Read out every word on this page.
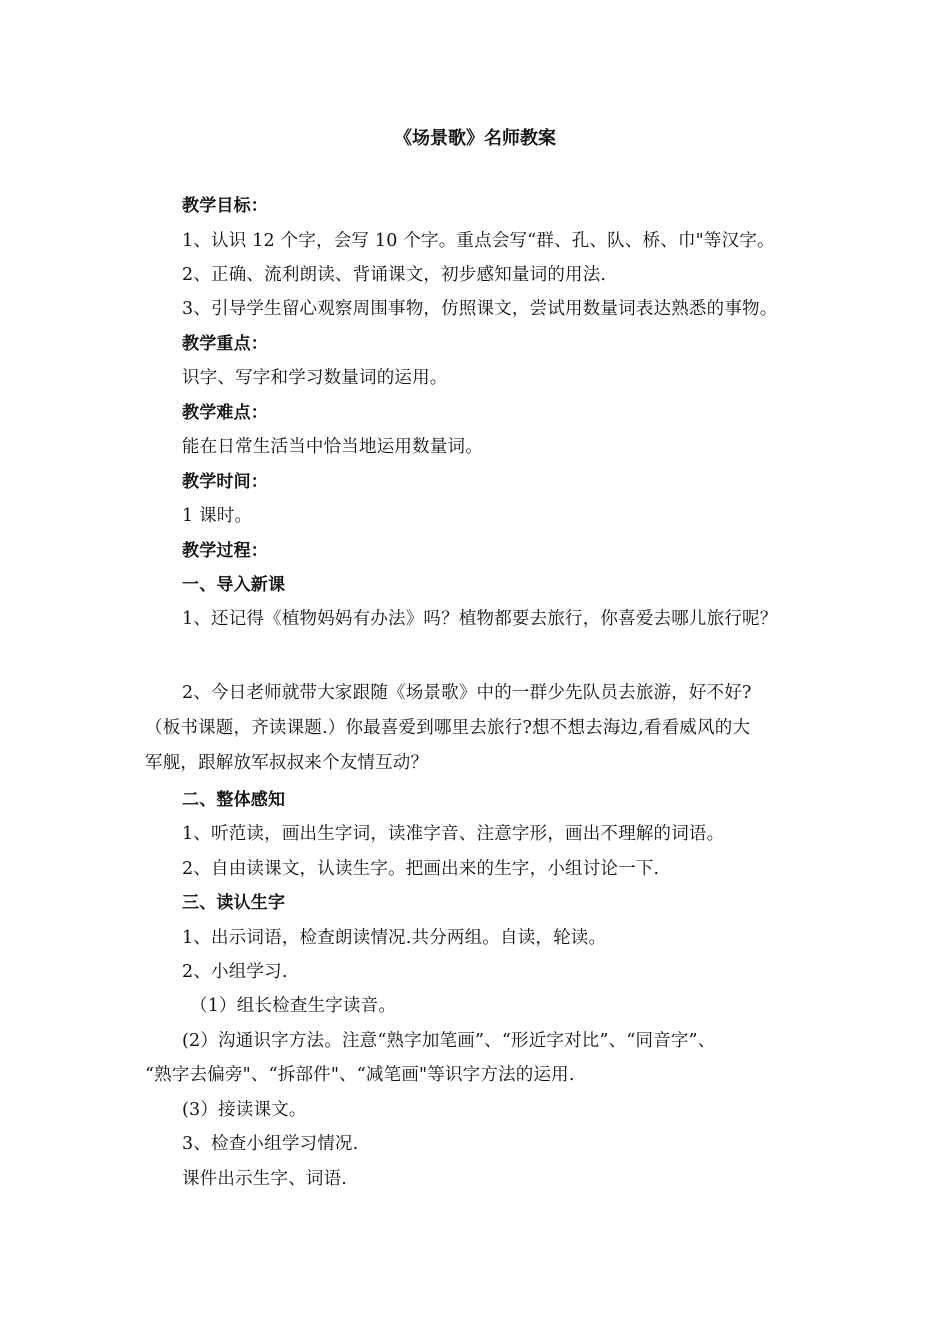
《场景歌》名师教案
教学目标：
1、认识 12 个字，会写 10 个字。重点会写“群、孔、队、桥、巾"等汉字。
2、正确、流利朗读、背诵课文，初步感知量词的用法.
3、引导学生留心观察周围事物，仿照课文，尝试用数量词表达熟悉的事物。
教学重点：
识字、写字和学习数量词的运用。
教学难点：
能在日常生活当中恰当地运用数量词。
教学时间：
1 课时。
教学过程：
一、导入新课
1、还记得《植物妈妈有办法》吗？植物都要去旅行，你喜爱去哪儿旅行呢？
2、今日老师就带大家跟随《场景歌》中的一群少先队员去旅游，好不好?
（板书课题，齐读课题.）你最喜爱到哪里去旅行?想不想去海边,看看威风的大
军舰，跟解放军叔叔来个友情互动？
二、整体感知
1、听范读，画出生字词，读准字音、注意字形，画出不理解的词语。
2、自由读课文，认读生字。把画出来的生字，小组讨论一下.
三、读认生字
1、出示词语，检查朗读情况.共分两组。自读，轮读。
2、小组学习.
（1）组长检查生字读音。
(2）沟通识字方法。注意“熟字加笔画”、“形近字对比”、“同音字”、
“熟字去偏旁"、“拆部件"、“减笔画"等识字方法的运用.
(3）接读课文。
3、检查小组学习情况.
课件出示生字、词语.
